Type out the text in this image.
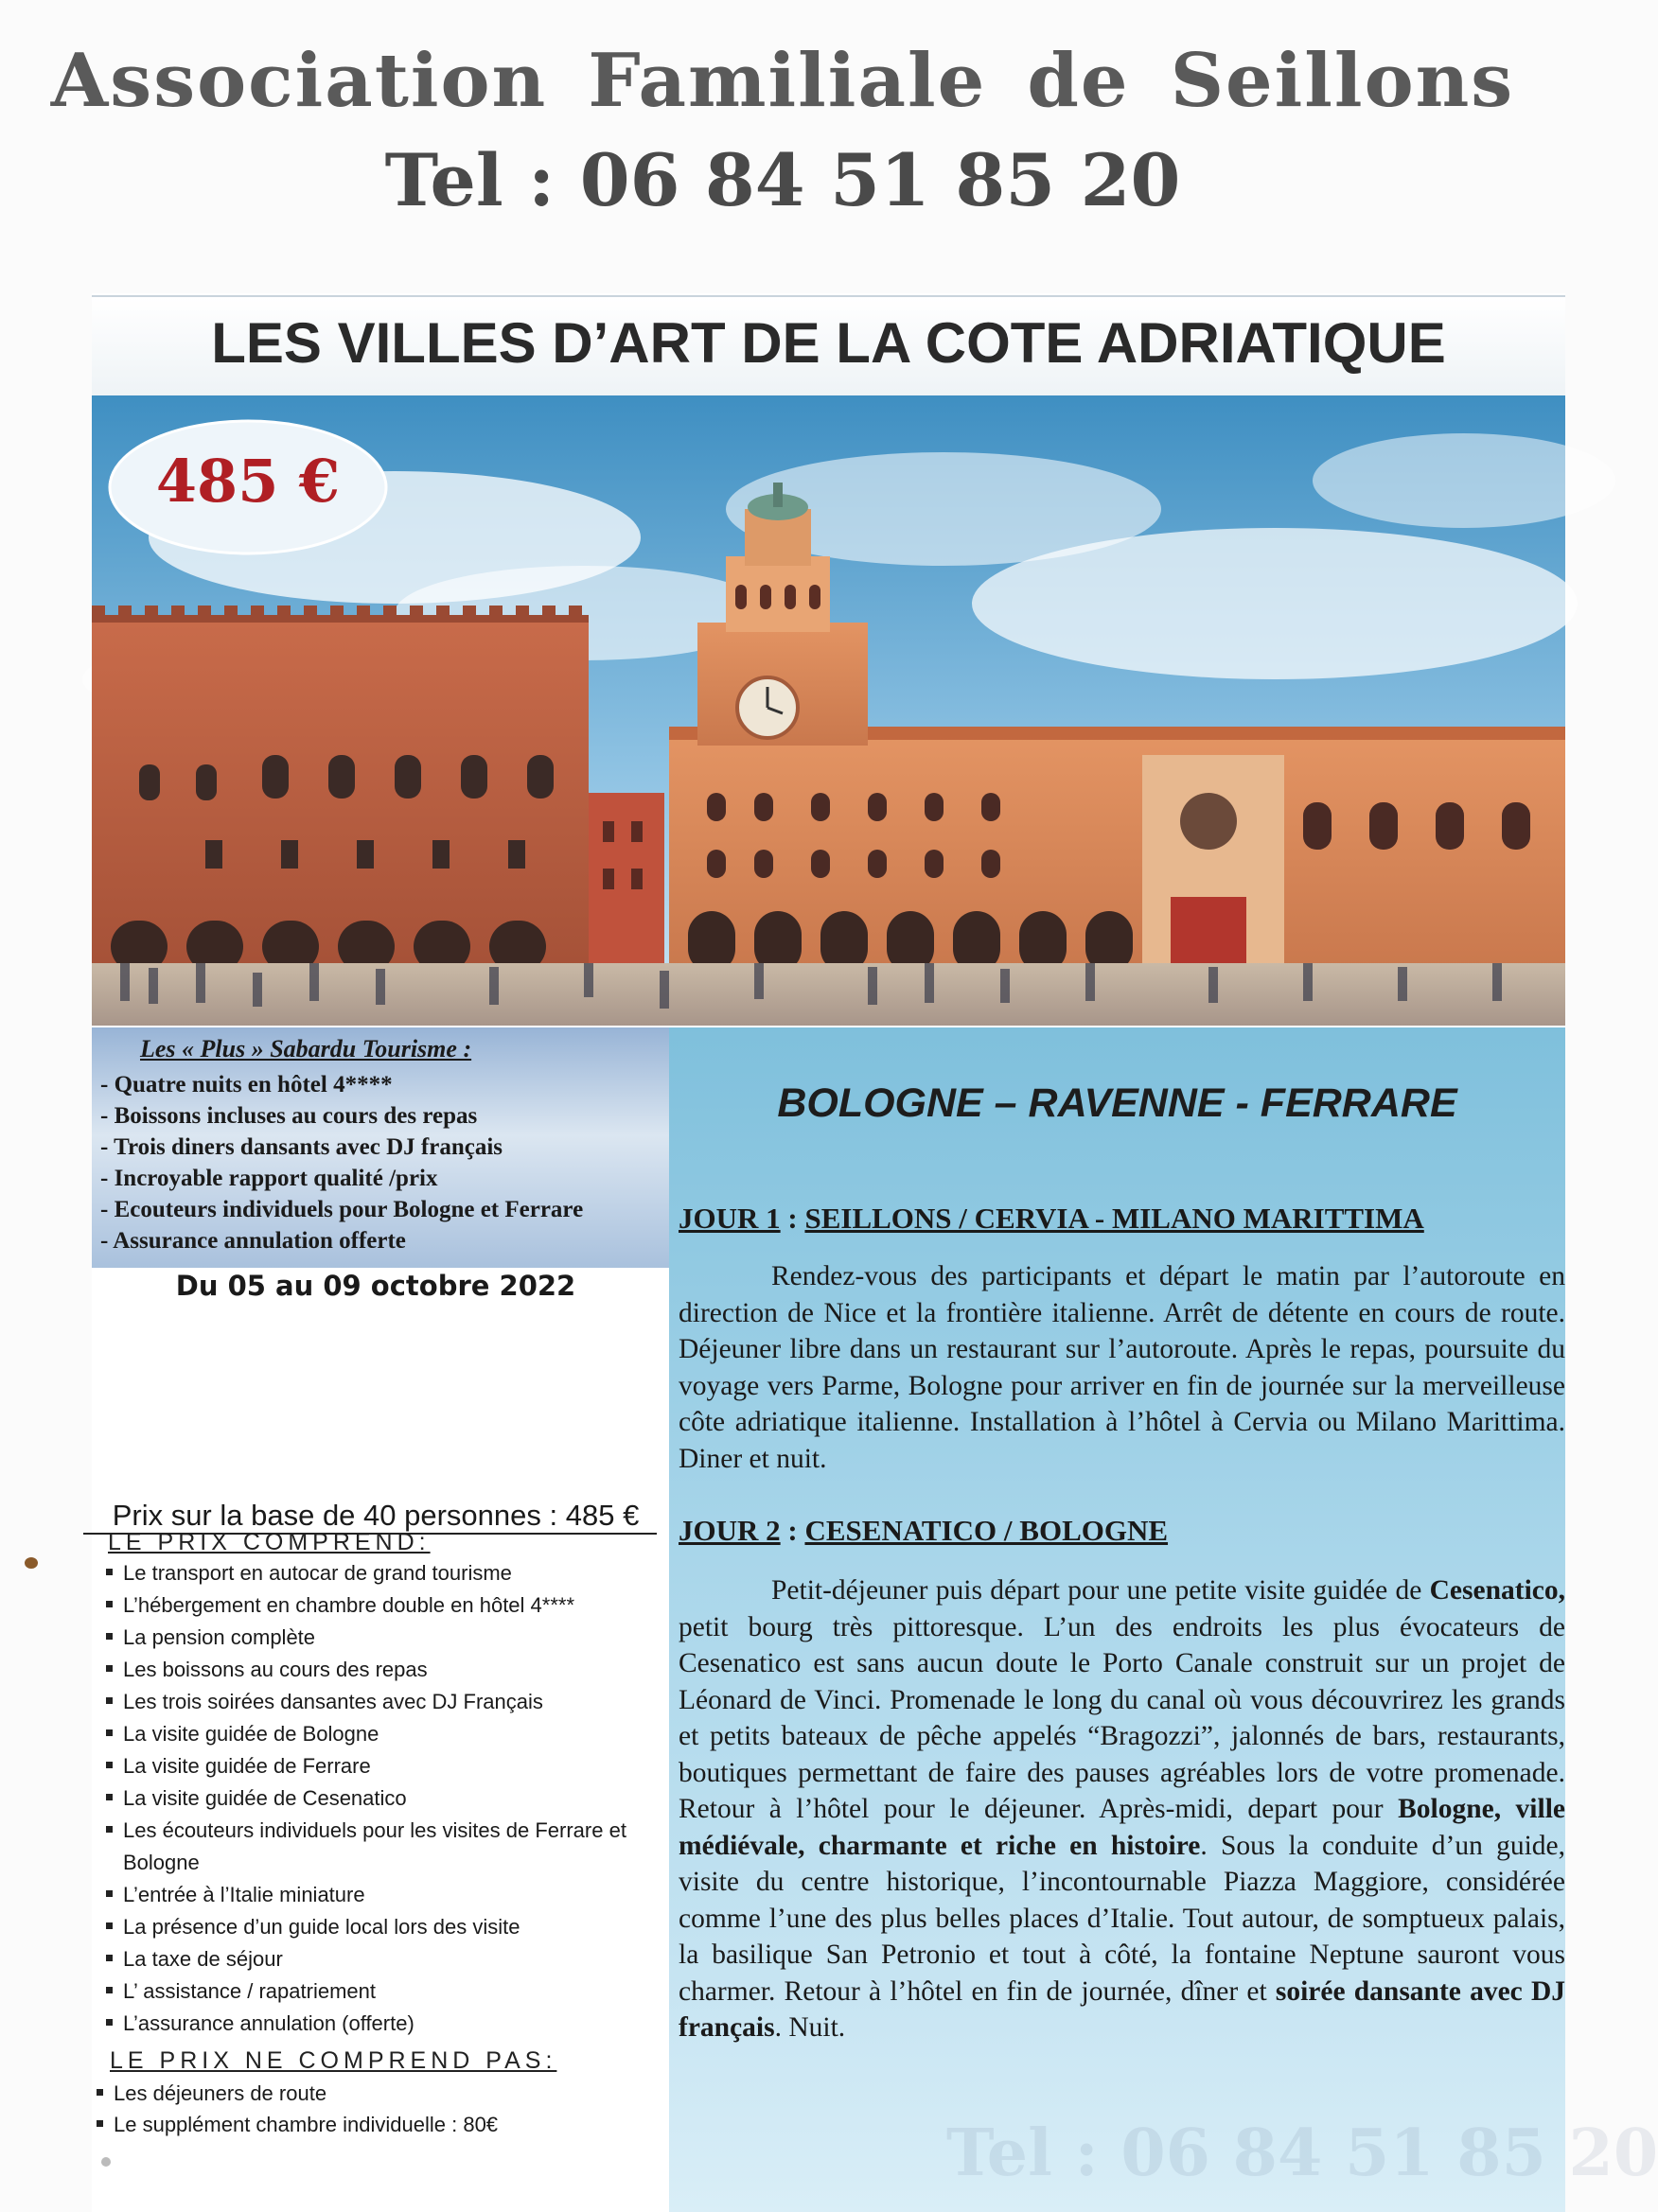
Association Familiale de Seillons
Tel : 06 84 51 85 20
LES VILLES D’ART DE LA COTE ADRIATIQUE
485 €
Les « Plus » Sabardu Tourisme :
- Quatre nuits en hôtel 4****
- Boissons incluses au cours des repas
- Trois diners dansants avec DJ français
- Incroyable rapport qualité /prix
- Ecouteurs individuels pour Bologne et Ferrare
- Assurance annulation offerte
Du 05 au 09 octobre 2022
BOLOGNE – RAVENNE - FERRARE
JOUR 1 : SEILLONS / CERVIA - MILANO MARITTIMA

Rendez-vous des participants et départ le matin par l’autoroute en direction de Nice et la frontière italienne. Arrêt de détente en cours de route. Déjeuner libre dans un restaurant sur l’autoroute. Après le repas, poursuite du voyage vers Parme, Bologne pour arriver en fin de journée sur la merveilleuse côte adriatique italienne. Installation à l’hôtel à Cervia ou Milano Marittima. Diner et nuit.

JOUR 2 : CESENATICO / BOLOGNE

Petit-déjeuner puis départ pour une petite visite guidée de Cesenatico, petit bourg très pittoresque. L’un des endroits les plus évocateurs de Cesenatico est sans aucun doute le Porto Canale construit sur un projet de Léonard de Vinci. Promenade le long du canal où vous découvrirez les grands et petits bateaux de pêche appelés “Bragozzi”, jalonnés de bars, restaurants, boutiques permettant de faire des pauses agréables lors de votre promenade. Retour à l’hôtel pour le déjeuner. Après-midi, depart pour Bologne, ville médiévale, charmante et riche en histoire. Sous la conduite d’un guide, visite du centre historique, l’incontournable Piazza Maggiore, considérée comme l’une des plus belles places d’Italie. Tout autour, de somptueux palais, la basilique San Petronio et tout à côté, la fontaine Neptune sauront vous charmer. Retour à l’hôtel en fin de journée, dîner et soirée dansante avec DJ français. Nuit.

Tel : 06 84 51 85 20
Prix sur la base de 40 personnes : 485 €
LE PRIX COMPREND:
Le transport en autocar de grand tourisme
L’hébergement en chambre double en hôtel 4****
La pension complète
Les boissons au cours des repas
Les trois soirées dansantes avec DJ Français
La visite guidée de Bologne
La visite guidée de Ferrare
La visite guidée de Cesenatico
Les écouteurs individuels pour les visites de Ferrare et Bologne
L’entrée à l’Italie miniature
La présence d’un guide local lors des visite
La taxe de séjour
L’ assistance / rapatriement
L’assurance annulation (offerte)
LE PRIX NE COMPREND PAS:
Les déjeuners de route
Le supplément chambre individuelle : 80€
